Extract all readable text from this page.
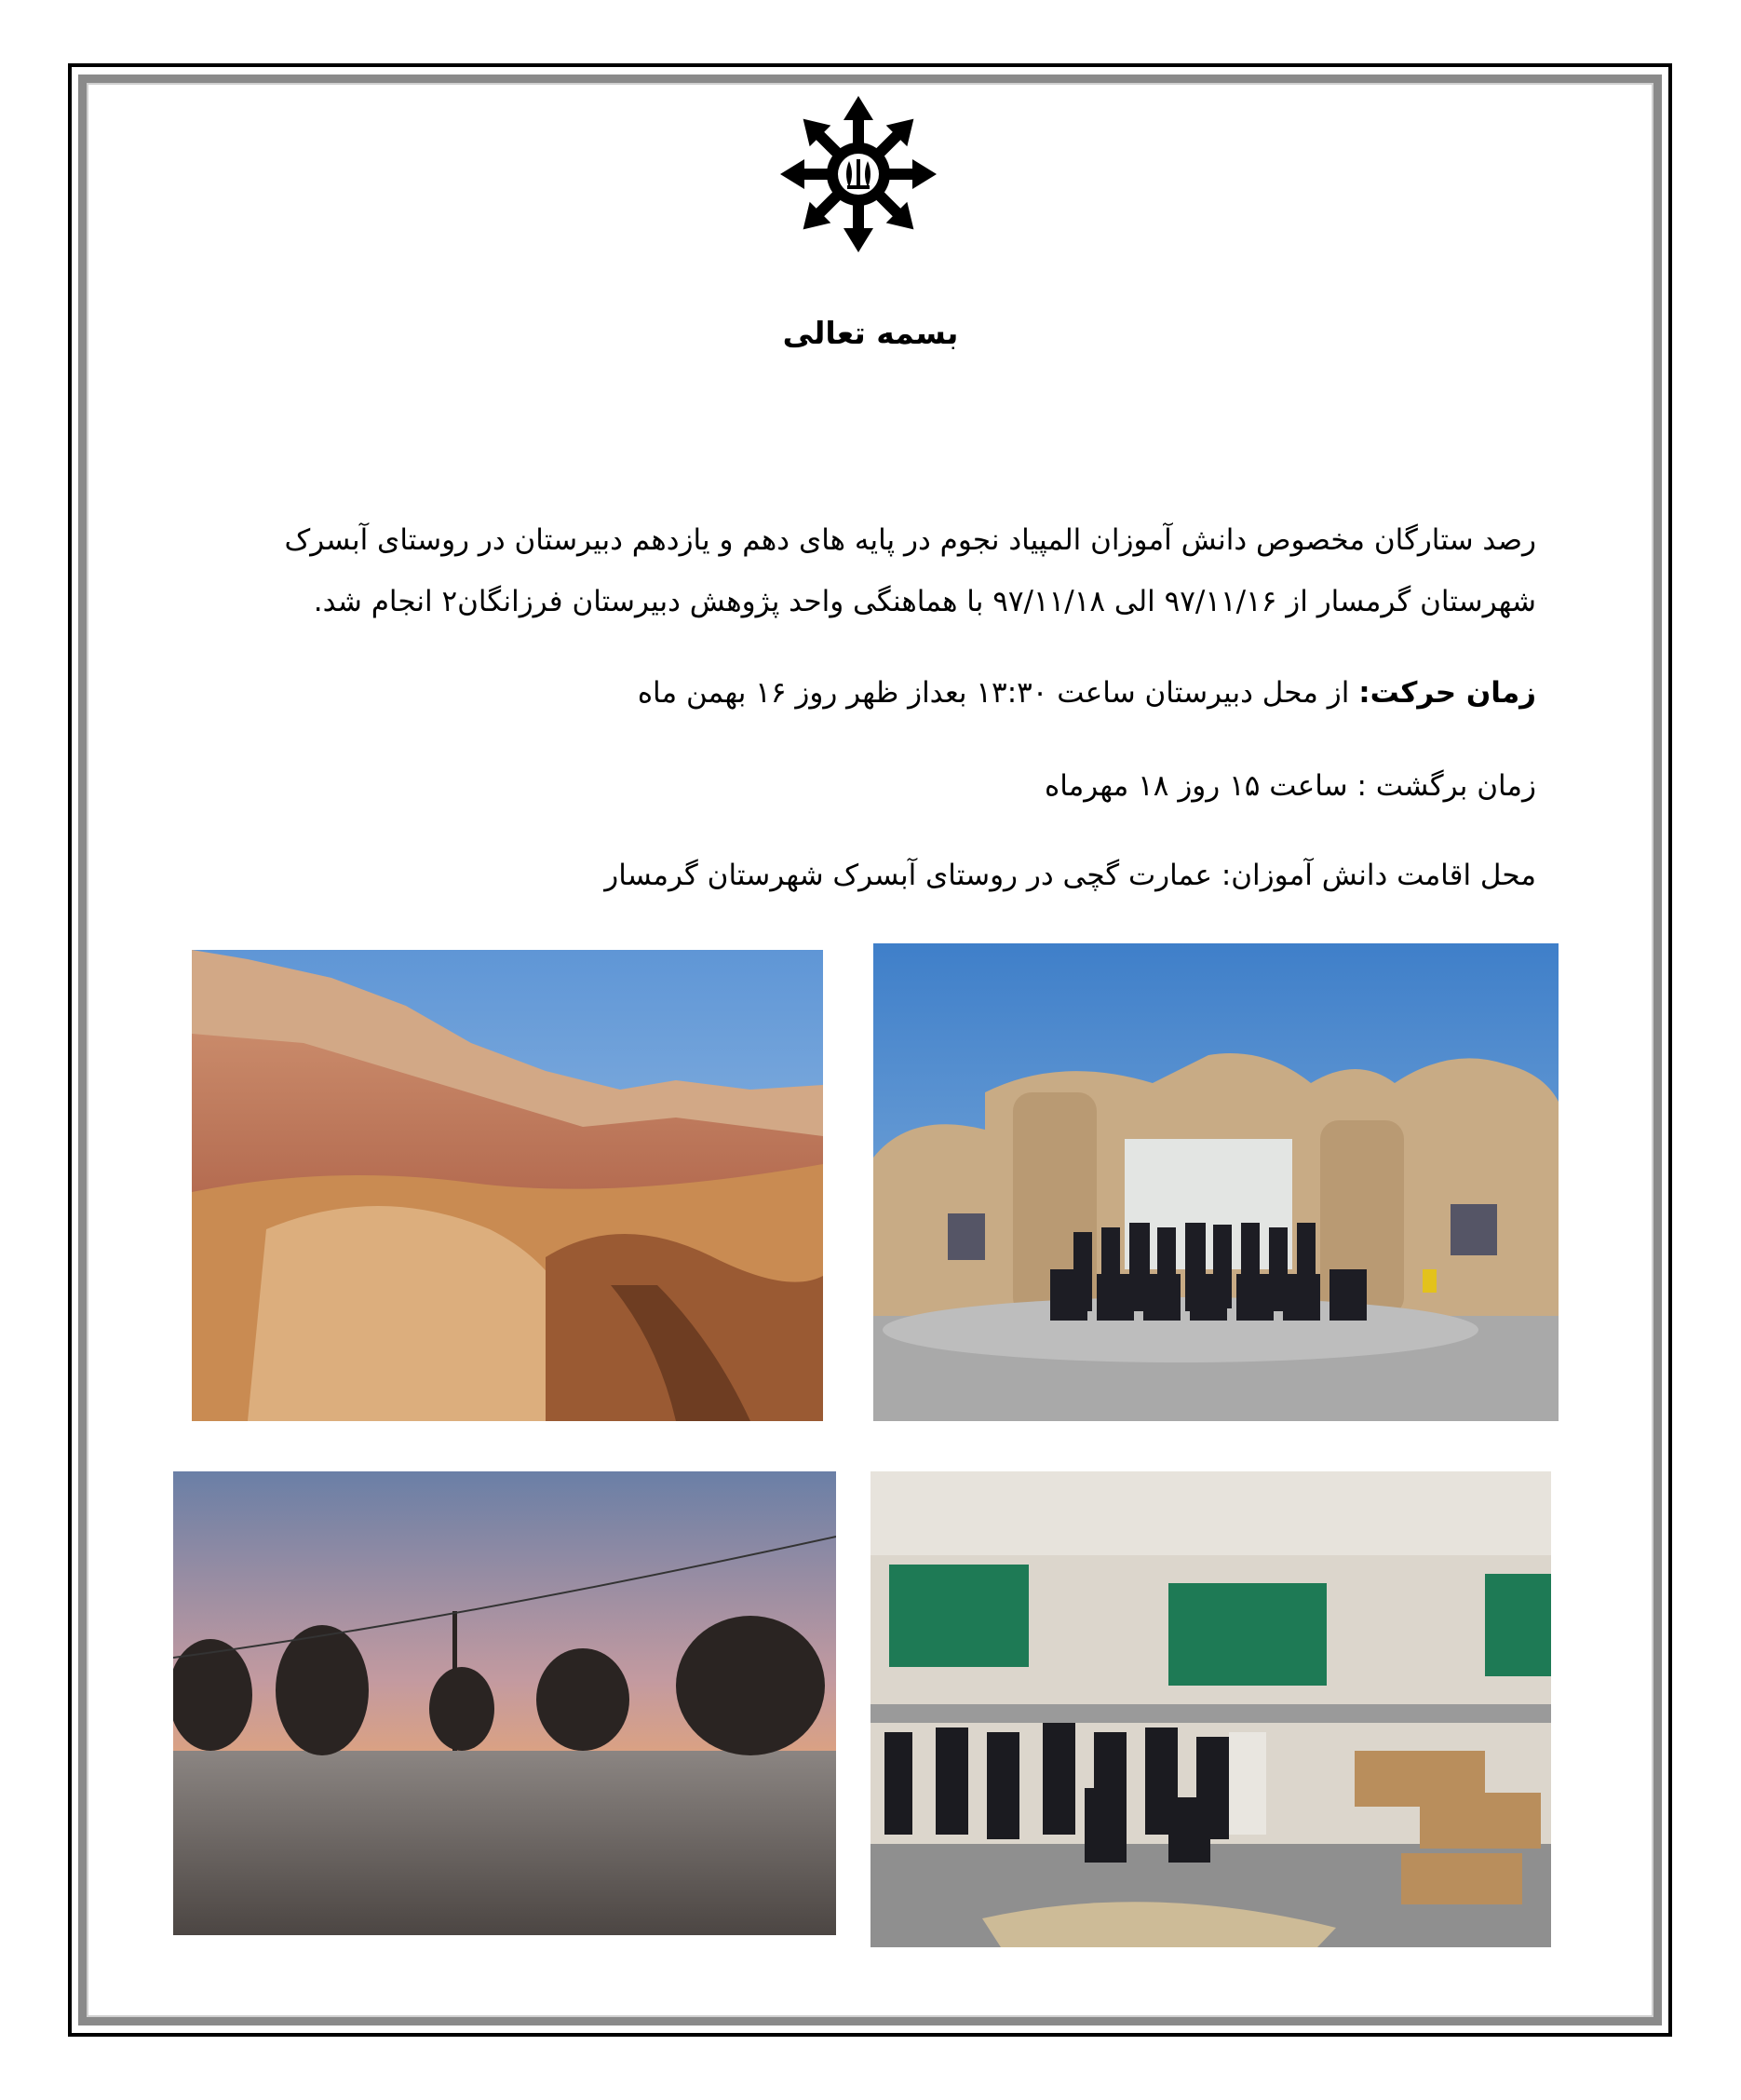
بسمه تعالی
رصد ستارگان مخصوص دانش آموزان المپیاد نجوم در پایه های دهم و یازدهم دبیرستان در روستای آبسرک
شهرستان گرمسار از ۹۷/۱۱/۱۶ الی ۹۷/۱۱/۱۸ با هماهنگی واحد پژوهش دبیرستان فرزانگان۲ انجام شد.
زمان حرکت: از محل دبیرستان ساعت ۱۳:۳۰ بعداز ظهر روز ۱۶ بهمن ماه
زمان برگشت : ساعت ۱۵ روز ۱۸ مهرماه
محل اقامت دانش آموزان: عمارت گچی در روستای آبسرک شهرستان گرمسار
